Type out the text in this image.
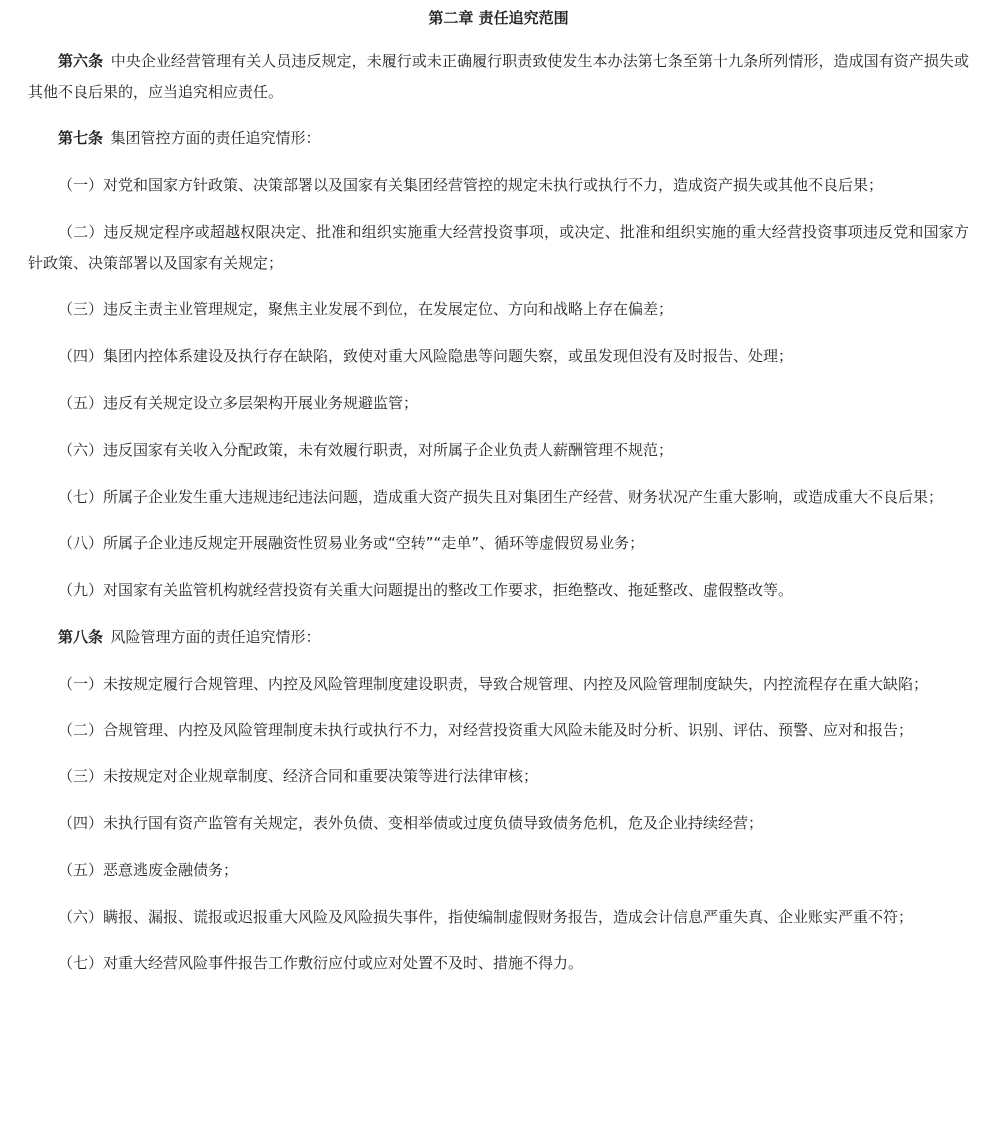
第二章 责任追究范围

第六条 中央企业经营管理有关人员违反规定，未履行或未正确履行职责致使发生本办法第七条至第十九条所列情形，造成国有资产损失或其他不良后果的，应当追究相应责任。

第七条 集团管控方面的责任追究情形：

（一）对党和国家方针政策、决策部署以及国家有关集团经营管控的规定未执行或执行不力，造成资产损失或其他不良后果；

（二）违反规定程序或超越权限决定、批准和组织实施重大经营投资事项，或决定、批准和组织实施的重大经营投资事项违反党和国家方针政策、决策部署以及国家有关规定；

（三）违反主责主业管理规定，聚焦主业发展不到位，在发展定位、方向和战略上存在偏差；

（四）集团内控体系建设及执行存在缺陷，致使对重大风险隐患等问题失察，或虽发现但没有及时报告、处理；

（五）违反有关规定设立多层架构开展业务规避监管；

（六）违反国家有关收入分配政策，未有效履行职责，对所属子企业负责人薪酬管理不规范；

（七）所属子企业发生重大违规违纪违法问题，造成重大资产损失且对集团生产经营、财务状况产生重大影响，或造成重大不良后果；

（八）所属子企业违反规定开展融资性贸易业务或“空转”“走单”、循环等虚假贸易业务；

（九）对国家有关监管机构就经营投资有关重大问题提出的整改工作要求，拒绝整改、拖延整改、虚假整改等。

第八条 风险管理方面的责任追究情形：

（一）未按规定履行合规管理、内控及风险管理制度建设职责，导致合规管理、内控及风险管理制度缺失，内控流程存在重大缺陷；

（二）合规管理、内控及风险管理制度未执行或执行不力，对经营投资重大风险未能及时分析、识别、评估、预警、应对和报告；

（三）未按规定对企业规章制度、经济合同和重要决策等进行法律审核；

（四）未执行国有资产监管有关规定，表外负债、变相举债或过度负债导致债务危机，危及企业持续经营；

（五）恶意逃废金融债务；

（六）瞒报、漏报、谎报或迟报重大风险及风险损失事件，指使编制虚假财务报告，造成会计信息严重失真、企业账实严重不符；

（七）对重大经营风险事件报告工作敷衍应付或应对处置不及时、措施不得力。
